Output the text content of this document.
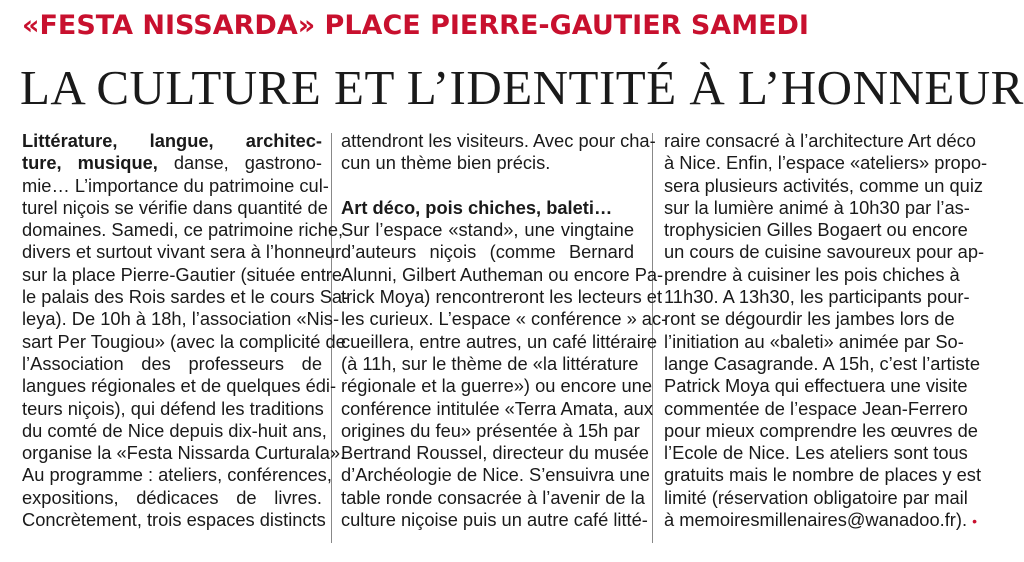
«FESTA NISSARDA» PLACE PIERRE-GAUTIER SAMEDI
LA CULTURE ET L’IDENTITÉ À L’HONNEUR
Littérature, langue, architec-
ture, musique, danse, gastrono-
mie… L’importance du patrimoine cul-
turel niçois se vérifie dans quantité de
domaines. Samedi, ce patrimoine riche,
divers et surtout vivant sera à l’honneur
sur la place Pierre-Gautier (située entre
le palais des Rois sardes et le cours Sa-
leya). De 10h à 18h, l’association «Nis-
sart Per Tougiou» (avec la complicité de
l’Association des professeurs de
langues régionales et de quelques édi-
teurs niçois), qui défend les traditions
du comté de Nice depuis dix-huit ans,
organise la «Festa Nissarda Curturala».
Au programme : ateliers, conférences,
expositions, dédicaces de livres.
Concrètement, trois espaces distincts
attendront les visiteurs. Avec pour cha-
cun un thème bien précis.
Art déco, pois chiches, baleti…
Sur l’espace «stand», une vingtaine
d’auteurs niçois (comme Bernard
Alunni, Gilbert Autheman ou encore Pa-
trick Moya) rencontreront les lecteurs et
les curieux. L’espace « conférence » ac-
cueillera, entre autres, un café littéraire
(à 11h, sur le thème de «la littérature
régionale et la guerre») ou encore une
conférence intitulée «Terra Amata, aux
origines du feu» présentée à 15h par
Bertrand Roussel, directeur du musée
d’Archéologie de Nice. S’ensuivra une
table ronde consacrée à l’avenir de la
culture niçoise puis un autre café litté-
raire consacré à l’architecture Art déco
à Nice. Enfin, l’espace «ateliers» propo-
sera plusieurs activités, comme un quiz
sur la lumière animé à 10h30 par l’as-
trophysicien Gilles Bogaert ou encore
un cours de cuisine savoureux pour ap-
prendre à cuisiner les pois chiches à
11h30. A 13h30, les participants pour-
ront se dégourdir les jambes lors de
l’initiation au «baleti» animée par So-
lange Casagrande. A 15h, c’est l’artiste
Patrick Moya qui effectuera une visite
commentée de l’espace Jean-Ferrero
pour mieux comprendre les œuvres de
l’Ecole de Nice. Les ateliers sont tous
gratuits mais le nombre de places y est
limité (réservation obligatoire par mail
à memoiresmillenaires@wanadoo.fr). •
